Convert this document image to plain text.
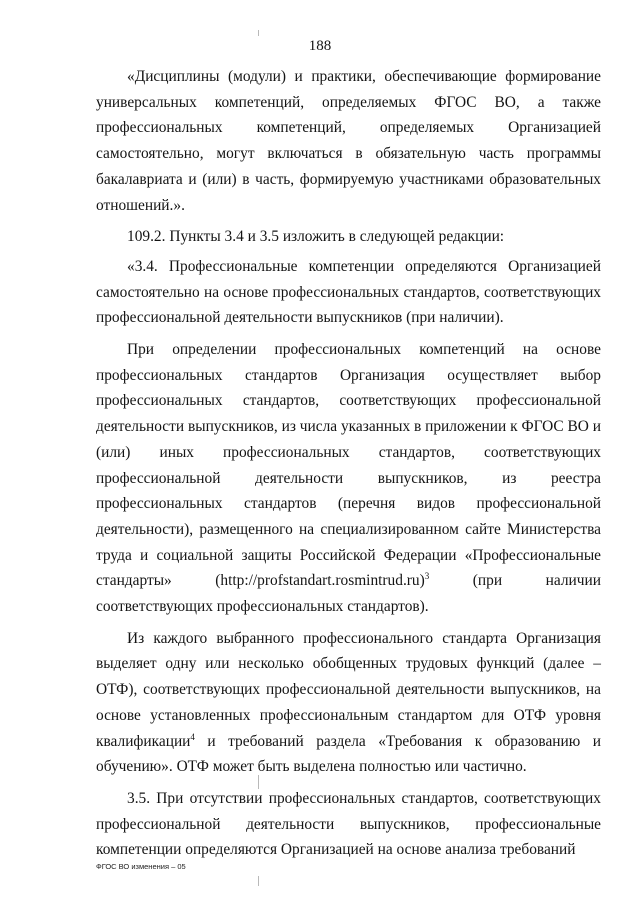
188

«Дисциплины (модули) и практики, обеспечивающие формирование универсальных компетенций, определяемых ФГОС ВО, а также профессиональных компетенций, определяемых Организацией самостоятельно, могут включаться в обязательную часть программы бакалавриата и (или) в часть, формируемую участниками образовательных отношений.».

109.2. Пункты 3.4 и 3.5 изложить в следующей редакции:

«3.4. Профессиональные компетенции определяются Организацией самостоятельно на основе профессиональных стандартов, соответствующих профессиональной деятельности выпускников (при наличии).

При определении профессиональных компетенций на основе профессиональных стандартов Организация осуществляет выбор профессиональных стандартов, соответствующих профессиональной деятельности выпускников, из числа указанных в приложении к ФГОС ВО и (или) иных профессиональных стандартов, соответствующих профессиональной деятельности выпускников, из реестра профессиональных стандартов (перечня видов профессиональной деятельности), размещенного на специализированном сайте Министерства труда и социальной защиты Российской Федерации «Профессиональные стандарты» (http://profstandart.rosmintrud.ru)$^3$ (при наличии соответствующих профессиональных стандартов).

Из каждого выбранного профессионального стандарта Организация выделяет одну или несколько обобщенных трудовых функций (далее – ОТФ), соответствующих профессиональной деятельности выпускников, на основе установленных профессиональным стандартом для ОТФ уровня квалификации$^4$ и требований раздела «Требования к образованию и обучению». ОТФ может быть выделена полностью или частично.

3.5. При отсутствии профессиональных стандартов, соответствующих профессиональной деятельности выпускников, профессиональные компетенции определяются Организацией на основе анализа требований

ФГОС ВО изменения – 05
